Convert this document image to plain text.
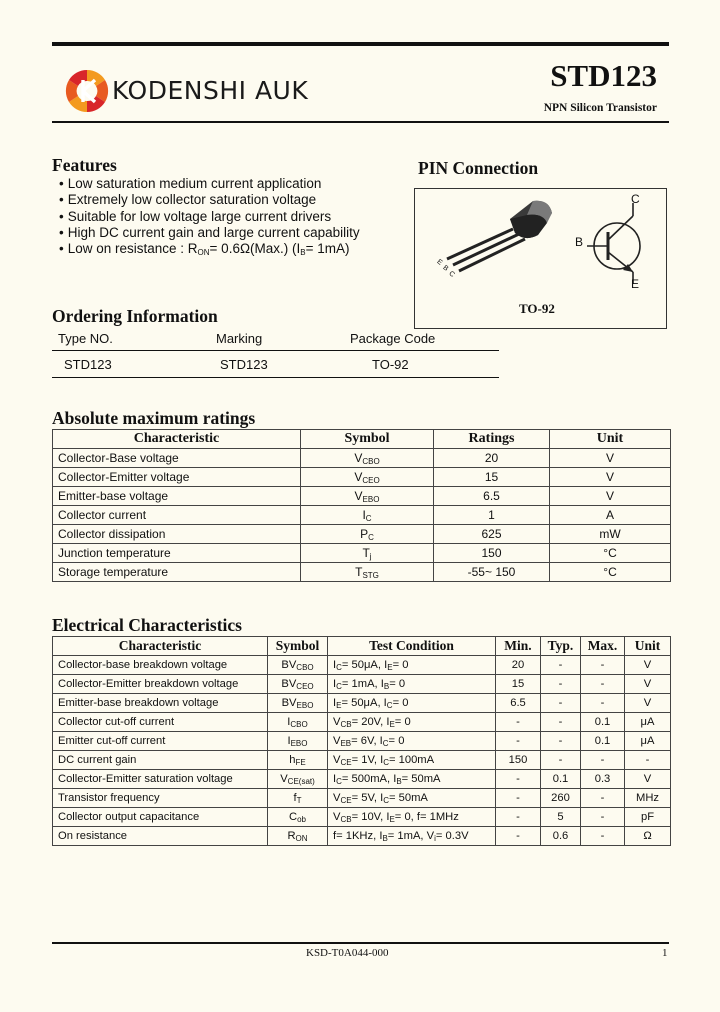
KODENSHI AUK	STD123
NPN Silicon Transistor
Features
• Low saturation medium current application
• Extremely low collector saturation voltage
• Suitable for low voltage large current drivers
• High DC current gain and large current capability
• Low on resistance : $R_{ON}= 0.6\Omega(Max.)$ $(I_B= 1mA)$
PIN Connection
E
B
C
C
B
E
TO-92
Ordering Information
Type NO.	Marking	Package Code
STD123	STD123	TO-92
Absolute maximum ratings
Characteristic	Symbol	Ratings	Unit
Collector-Base voltage	$V_{CBO}$	20	V
Collector-Emitter voltage	$V_{CEO}$	15	V
Emitter-base voltage	$V_{EBO}$	6.5	V
Collector current	$I_C$	1	A
Collector dissipation	$P_C$	625	mW
Junction temperature	$T_j$	150	°C
Storage temperature	$T_{STG}$	-55~ 150	°C
Electrical Characteristics
Characteristic	Symbol	Test Condition	Min.	Typ.	Max.	Unit
Collector-base breakdown voltage	$BV_{CBO}$	$I_C= 50\mu A$, $I_E= 0$	20	-	-	V
Collector-Emitter breakdown voltage	$BV_{CEO}$	$I_C= 1mA$, $I_B= 0$	15	-	-	V
Emitter-base breakdown voltage	$BV_{EBO}$	$I_E= 50\mu A$, $I_C= 0$	6.5	-	-	V
Collector cut-off current	$I_{CBO}$	$V_{CB}= 20V$, $I_E= 0$	-	-	0.1	μA
Emitter cut-off current	$I_{EBO}$	$V_{EB}= 6V$, $I_C= 0$	-	-	0.1	μA
DC current gain	$h_{FE}$	$V_{CE}= 1V$, $I_C= 100mA$	150	-	-	-
Collector-Emitter saturation voltage	$V_{CE(sat)}$	$I_C= 500mA$, $I_B= 50mA$	-	0.1	0.3	V
Transistor frequency	$f_T$	$V_{CE}= 5V$, $I_C= 50mA$	-	260	-	MHz
Collector output capacitance	$C_{ob}$	$V_{CB}= 10V$, $I_E= 0$, f= 1MHz	-	5	-	pF
On resistance	$R_{ON}$	f= 1KHz, $I_B= 1mA$, $V_i= 0.3V$	-	0.6	-	Ω
KSD-T0A044-000	1
